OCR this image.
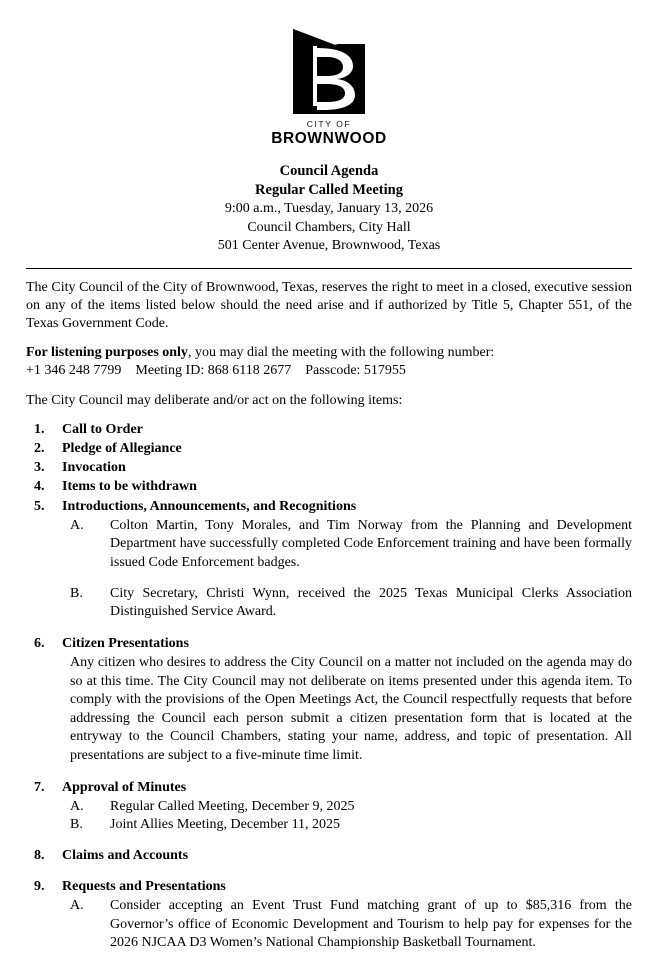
CITY OF
BROWNWOOD
Council Agenda
Regular Called Meeting
9:00 a.m., Tuesday, January 13, 2026
Council Chambers, City Hall
501 Center Avenue, Brownwood, Texas

The City Council of the City of Brownwood, Texas, reserves the right to meet in a closed, executive session on any of the items listed below should the need arise and if authorized by Title 5, Chapter 551, of the Texas Government Code.

For listening purposes only, you may dial the meeting with the following number:

+1 346 248 7799 Meeting ID: 868 6118 2677 Passcode: 517955

The City Council may deliberate and/or act on the following items:

1.	Call to Order
2.	Pledge of Allegiance
3.	Invocation
4.	Items to be withdrawn
5.	Introductions, Announcements, and Recognitions
A.	Colton Martin, Tony Morales, and Tim Norway from the Planning and Development Department have successfully completed Code Enforcement training and have been formally issued Code Enforcement badges.
B.	City Secretary, Christi Wynn, received the 2025 Texas Municipal Clerks Association Distinguished Service Award.
6.	Citizen Presentations
Any citizen who desires to address the City Council on a matter not included on the agenda may do so at this time. The City Council may not deliberate on items presented under this agenda item. To comply with the provisions of the Open Meetings Act, the Council respectfully requests that before addressing the Council each person submit a citizen presentation form that is located at the entryway to the Council Chambers, stating your name, address, and topic of presentation. All presentations are subject to a five-minute time limit.
7.	Approval of Minutes
A.	Regular Called Meeting, December 9, 2025
B.	Joint Allies Meeting, December 11, 2025
8.	Claims and Accounts
9.	Requests and Presentations
A.	Consider accepting an Event Trust Fund matching grant of up to $85,316 from the Governor’s office of Economic Development and Tourism to help pay for expenses for the 2026 NJCAA D3 Women’s National Championship Basketball Tournament.
